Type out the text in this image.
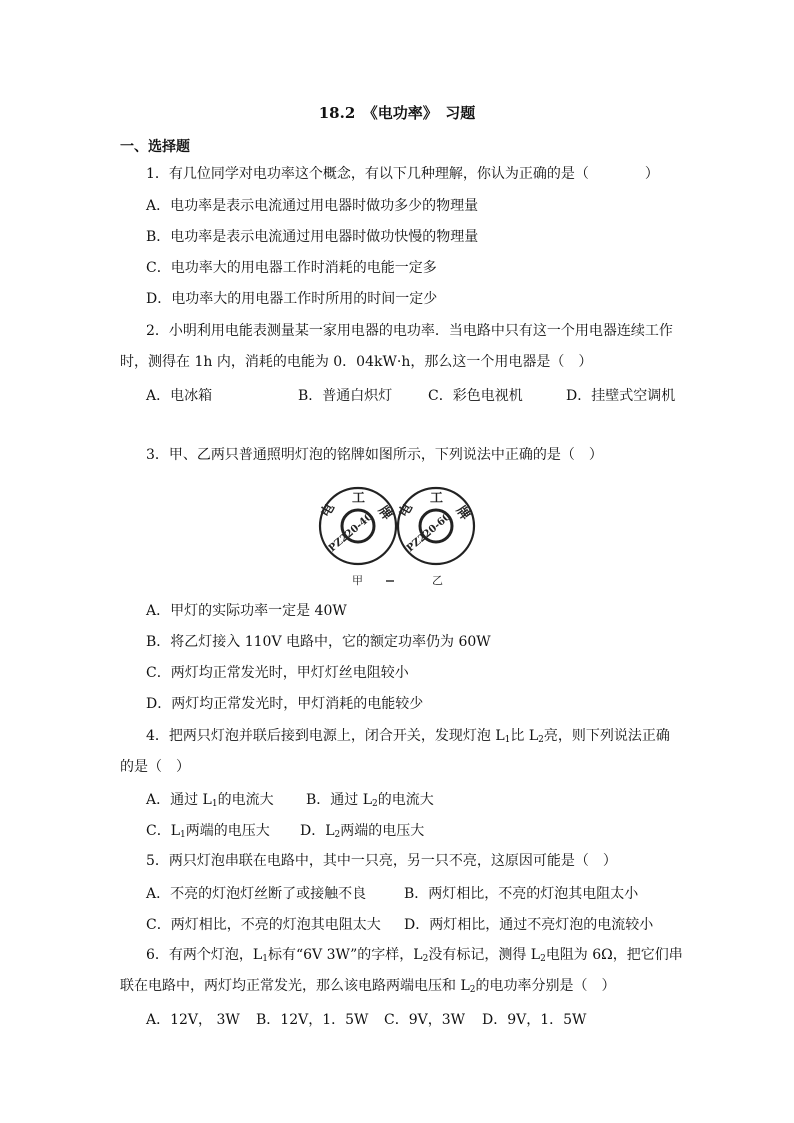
18.2　《电功率》　习题
一、选择题
1．有几位同学对电功率这个概念，有以下几种理解，你认为正确的是（　　　　）
A．电功率是表示电流通过用电器时做功多少的物理量
B．电功率是表示电流通过用电器时做功快慢的物理量
C．电功率大的用电器工作时消耗的电能一定多
D．电功率大的用电器工作时所用的时间一定少
2．小明利用电能表测量某一家用电器的电功率．当电路中只有这一个用电器连续工作
时，测得在 1h 内，消耗的电能为 0．04kW·h，那么这一个用电器是（　）
A．电冰箱	B．普通白炽灯	C．彩色电视机	D．挂壁式空调机
3．甲、乙两只普通照明灯泡的铭牌如图所示，下列说法中正确的是（　）
电
工
牌
PZ220-40
甲
电
工
牌
PZ220-60
乙
A．甲灯的实际功率一定是 40W
B．将乙灯接入 110V 电路中，它的额定功率仍为 60W
C．两灯均正常发光时，甲灯灯丝电阻较小
D．两灯均正常发光时，甲灯消耗的电能较少
4．把两只灯泡并联后接到电源上，闭合开关，发现灯泡 $L_1$比 $L_2$亮，则下列说法正确
的是（　）
A．通过 $L_1$的电流大 B．通过 $L_2$的电流大
C．$L_1$两端的电压大 D．$L_2$两端的电压大
5．两只灯泡串联在电路中，其中一只亮，另一只不亮，这原因可能是（　）
A．不亮的灯泡灯丝断了或接触不良	B．两灯相比，不亮的灯泡其电阻太小
C．两灯相比，不亮的灯泡其电阻太大 D．两灯相比，通过不亮灯泡的电流较小
6．有两个灯泡，$L_1$标有“6V 3W”的字样，$L_2$没有标记，测得 $L_2$电阻为 6Ω，把它们串
联在电路中，两灯均正常发光，那么该电路两端电压和 $L_2$的电功率分别是（　）
A．12V， 3W B．12V，1．5W C．9V，3W D．9V，1．5W
